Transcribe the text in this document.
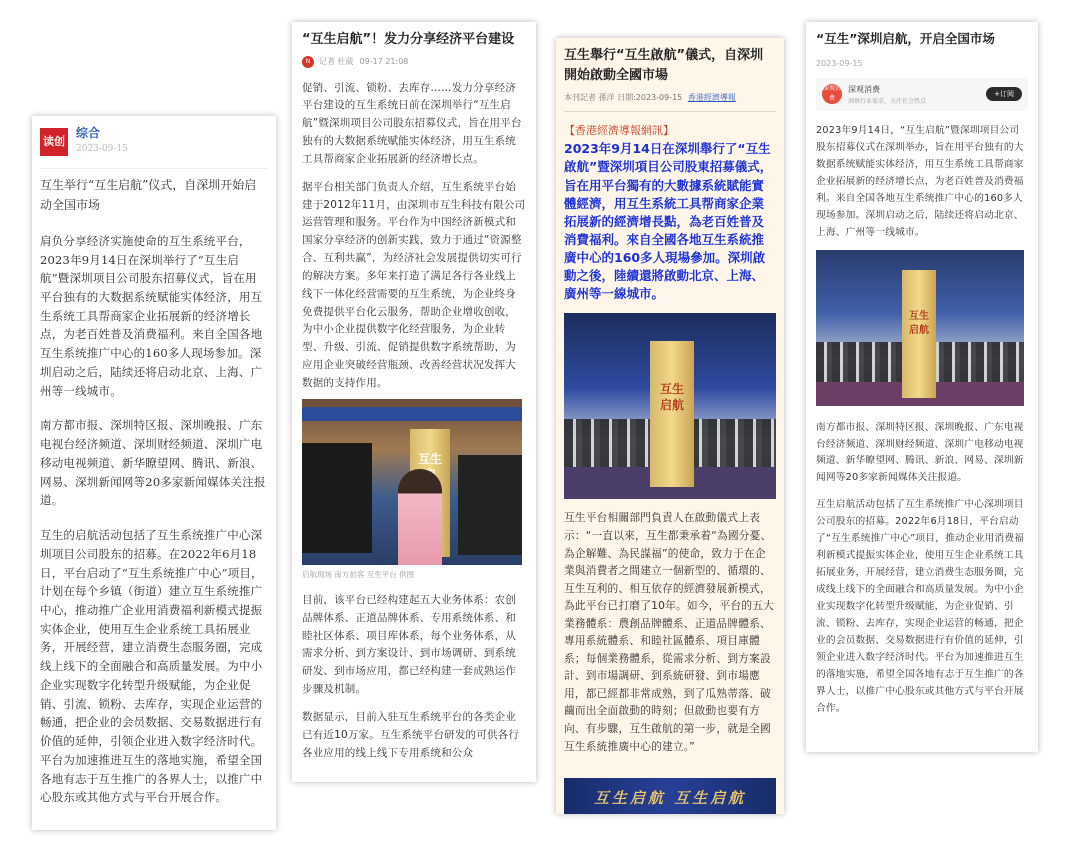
读创
综合
2023-09-15

互生举行“互生启航”仪式，自深圳开始启动全国市场

肩负分享经济实施使命的互生系统平台，2023年9月14日在深圳举行了“互生启航”暨深圳项目公司股东招募仪式，旨在用平台独有的大数据系统赋能实体经济，用互生系统工具帮商家企业拓展新的经济增长点，为老百姓普及消费福利。来自全国各地互生系统推广中心的160多人现场参加。深圳启动之后，陆续还将启动北京、上海、广州等一线城市。

南方都市报、深圳特区报、深圳晚报、广东电视台经济频道、深圳财经频道、深圳广电移动电视频道、新华瞭望网、腾讯、新浪、网易、深圳新闻网等20多家新闻媒体关注报道。

互生的启航活动包括了互生系统推广中心深圳项目公司股东的招募。在2022年6月18日，平台启动了“互生系统推广中心”项目，计划在每个乡镇（街道）建立互生系统推广中心，推动推广企业用消费福利新模式提振实体企业，使用互生企业系统工具拓展业务，开展经营，建立消费生态服务圈，完成线上线下的全面融合和高质量发展。为中小企业实现数字化转型升级赋能，为企业促销、引流、锁粉、去库存，实现企业运营的畅通，把企业的会员数据、交易数据进行有价值的延伸，引领企业进入数字经济时代。平台为加速推进互生的落地实施，希望全国各地有志于互生推广的各界人士，以推广中心股东或其他方式与平台开展合作。

“互生启航”！发力分享经济平台建设

N	记者 杜葳 09-17 21:08

促销、引流、锁粉、去库存……发力分享经济平台建设的互生系统日前在深圳举行“互生启航”暨深圳项目公司股东招募仪式，旨在用平台独有的大数据系统赋能实体经济，用互生系统工具帮商家企业拓展新的经济增长点。

据平台相关部门负责人介绍，互生系统平台始建于2012年11月，由深圳市互生科技有限公司运营管理和服务。平台作为中国经济新模式和国家分享经济的创新实践，致力于通过“资源整合、互利共赢”，为经济社会发展提供切实可行的解决方案。多年来打造了满足各行各业线上线下一体化经营需要的互生系统，为企业终身免费提供平台化云服务，帮助企业增收创收，为中小企业提供数字化经营服务，为企业转型、升级、引流、促销提供数字系统帮助，为应用企业突破经营瓶颈、改善经营状况发挥大数据的支持作用。

互生

启航现场 南方拍客 互生平台 供图

目前，该平台已经构建起五大业务体系：农创品牌体系、正道品牌体系、专用系统体系、和睦社区体系、项目库体系，每个业务体系，从需求分析、到方案设计、到市场调研、到系统研发、到市场应用，都已经构建一套成熟运作步骤及机制。

数据显示，目前入驻互生系统平台的各类企业已有近10万家。互生系统平台研发的可供各行各业应用的线上线下专用系统和公众

互生舉行“互生啟航”儀式，自深圳開始啟動全國市場

本刊記者 孫洋 日期:2023-09-15 香港經濟導報

【香港經濟導報網訊】

2023年9月14日在深圳舉行了“互生啟航”暨深圳項目公司股東招募儀式，旨在用平台獨有的大數據系統賦能實體經濟，用互生系統工具帮商家企業拓展新的經濟增長點，為老百姓普及消費福利。來自全國各地互生系統推廣中心的160多人現場參加。深圳啟動之後，陸續還將啟動北京、上海、廣州等一線城市。

互生启航

互生平台相關部門負責人在啟動儀式上表示：“一直以來，互生都秉承着“為國分憂、為企解難、為民謀福”的使命，致力于在企業與消費者之間建立一個新型的、循環的、互生互利的、相互依存的經濟發展新模式，為此平台已打磨了10年。如今，平台的五大業務體系：農創品牌體系、正道品牌體系、專用系統體系、和睦社區體系、項目庫體系；每個業務體系，從需求分析、到方案設計、到市場調研、到系統研發、到市場應用，都已經都非常成熟，到了瓜熟蒂落、破繭而出全面啟動的時刻；但啟動也要有方向、有步驟，互生啟航的第一步，就是全國互生系統推廣中心的建立。”

互生启航 互生启航

“互生”深圳启航，开启全国市场

2023-09-15
深观消费
深观消费
洞察行业需求，关注社会热点
+订阅

2023年9月14日，“互生启航”暨深圳项目公司股东招募仪式在深圳举办，旨在用平台独有的大数据系统赋能实体经济，用互生系统工具帮商家企业拓展新的经济增长点，为老百姓普及消费福利。来自全国各地互生系统推广中心的160多人现场参加。深圳启动之后，陆续还将启动北京、上海、广州等一线城市。

互生启航

南方都市报、深圳特区报、深圳晚报、广东电视台经济频道、深圳财经频道、深圳广电移动电视频道、新华瞭望网、腾讯、新浪、网易、深圳新闻网等20多家新闻媒体关注报道。

互生启航活动包括了互生系统推广中心深圳项目公司股东的招募。2022年6月18日，平台启动了“互生系统推广中心”项目，推动企业用消费福利新模式提振实体企业，使用互生企业系统工具拓展业务，开展经营，建立消费生态服务圈，完成线上线下的全面融合和高质量发展。为中小企业实现数字化转型升级赋能，为企业促销、引流、锁粉、去库存，实现企业运营的畅通，把企业的会员数据、交易数据进行有价值的延伸，引领企业进入数字经济时代。平台为加速推进互生的落地实施，希望全国各地有志于互生推广的各界人士，以推广中心股东或其他方式与平台开展合作。
